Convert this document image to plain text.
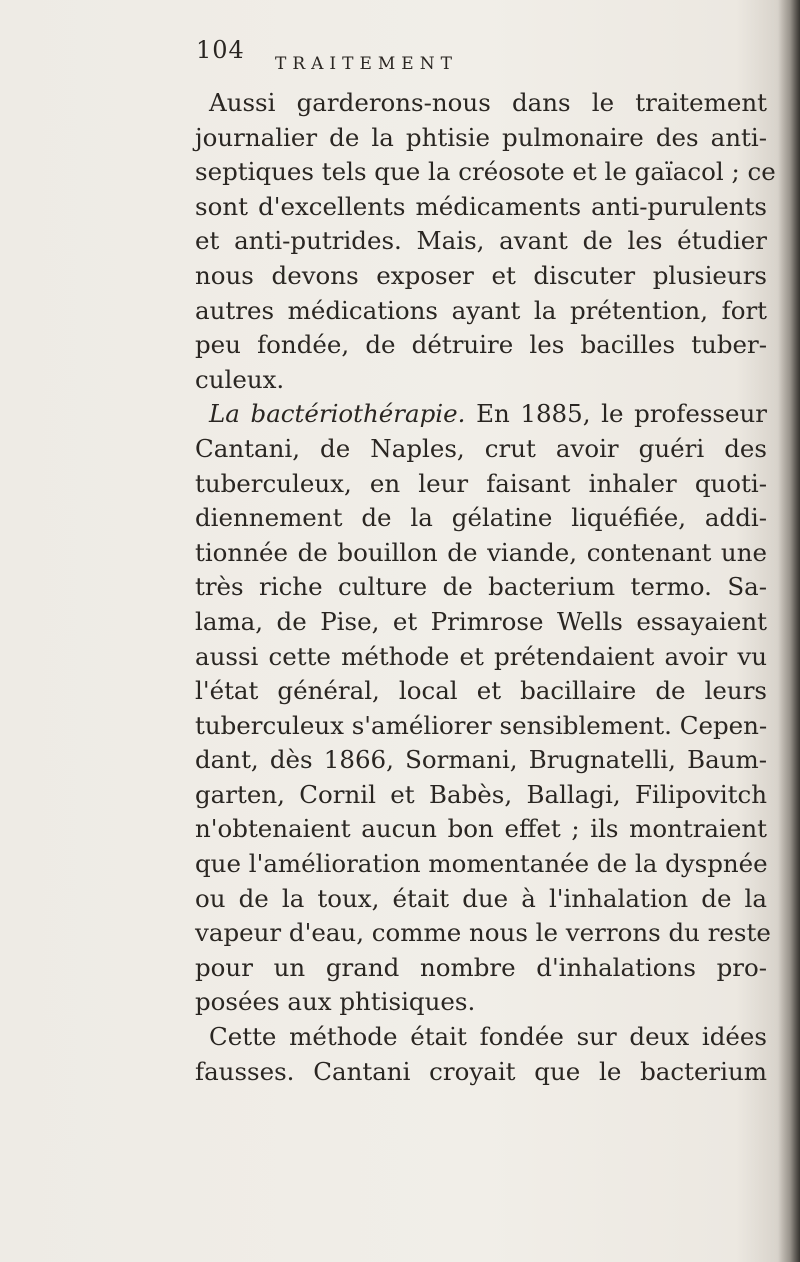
104 TRAITEMENT
Aussi garderons-nous dans le traitement
journalier de la phtisie pulmonaire des anti-
septiques tels que la créosote et le gaïacol ; ce
sont d'excellents médicaments anti-purulents
et anti-putrides. Mais, avant de les étudier
nous devons exposer et discuter plusieurs
autres médications ayant la prétention, fort
peu fondée, de détruire les bacilles tuber-
culeux.
La bactériothérapie. En 1885, le professeur
Cantani, de Naples, crut avoir guéri des
tuberculeux, en leur faisant inhaler quoti-
diennement de la gélatine liquéfiée, addi-
tionnée de bouillon de viande, contenant une
très riche culture de bacterium termo. Sa-
lama, de Pise, et Primrose Wells essayaient
aussi cette méthode et prétendaient avoir vu
l'état général, local et bacillaire de leurs
tuberculeux s'améliorer sensiblement. Cepen-
dant, dès 1866, Sormani, Brugnatelli, Baum-
garten, Cornil et Babès, Ballagi, Filipovitch
n'obtenaient aucun bon effet ; ils montraient
que l'amélioration momentanée de la dyspnée
ou de la toux, était due à l'inhalation de la
vapeur d'eau, comme nous le verrons du reste
pour un grand nombre d'inhalations pro-
posées aux phtisiques.
Cette méthode était fondée sur deux idées
fausses. Cantani croyait que le bacterium
